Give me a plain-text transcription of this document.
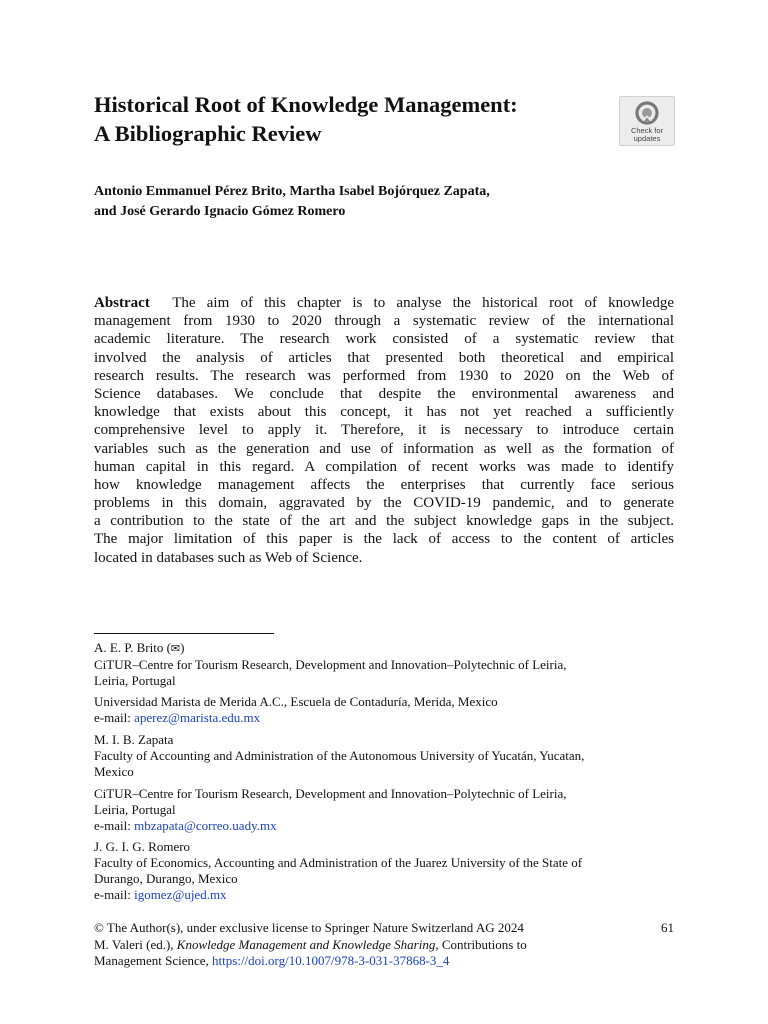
Historical Root of Knowledge Management:
A Bibliographic Review	Check for
updates
Antonio Emmanuel Pérez Brito, Martha Isabel Bojórquez Zapata,
and José Gerardo Ignacio Gómez Romero
Abstract The aim of this chapter is to analyse the historical root of knowledge
management from 1930 to 2020 through a systematic review of the international
academic literature. The research work consisted of a systematic review that
involved the analysis of articles that presented both theoretical and empirical
research results. The research was performed from 1930 to 2020 on the Web of
Science databases. We conclude that despite the environmental awareness and
knowledge that exists about this concept, it has not yet reached a sufficiently
comprehensive level to apply it. Therefore, it is necessary to introduce certain
variables such as the generation and use of information as well as the formation of
human capital in this regard. A compilation of recent works was made to identify
how knowledge management affects the enterprises that currently face serious
problems in this domain, aggravated by the COVID-19 pandemic, and to generate
a contribution to the state of the art and the subject knowledge gaps in the subject.
The major limitation of this paper is the lack of access to the content of articles
located in databases such as Web of Science.
A. E. P. Brito (✉)
CiTUR–Centre for Tourism Research, Development and Innovation–Polytechnic of Leiria,
Leiria, Portugal
Universidad Marista de Merida A.C., Escuela de Contaduría, Merida, Mexico
e-mail: aperez@marista.edu.mx
M. I. B. Zapata
Faculty of Accounting and Administration of the Autonomous University of Yucatán, Yucatan,
Mexico
CiTUR–Centre for Tourism Research, Development and Innovation–Polytechnic of Leiria,
Leiria, Portugal
e-mail: mbzapata@correo.uady.mx
J. G. I. G. Romero
Faculty of Economics, Accounting and Administration of the Juarez University of the State of
Durango, Durango, Mexico
e-mail: igomez@ujed.mx
© The Author(s), under exclusive license to Springer Nature Switzerland AG 2024
M. Valeri (ed.), Knowledge Management and Knowledge Sharing, Contributions to
Management Science, https://doi.org/10.1007/978-3-031-37868-3_4
61
